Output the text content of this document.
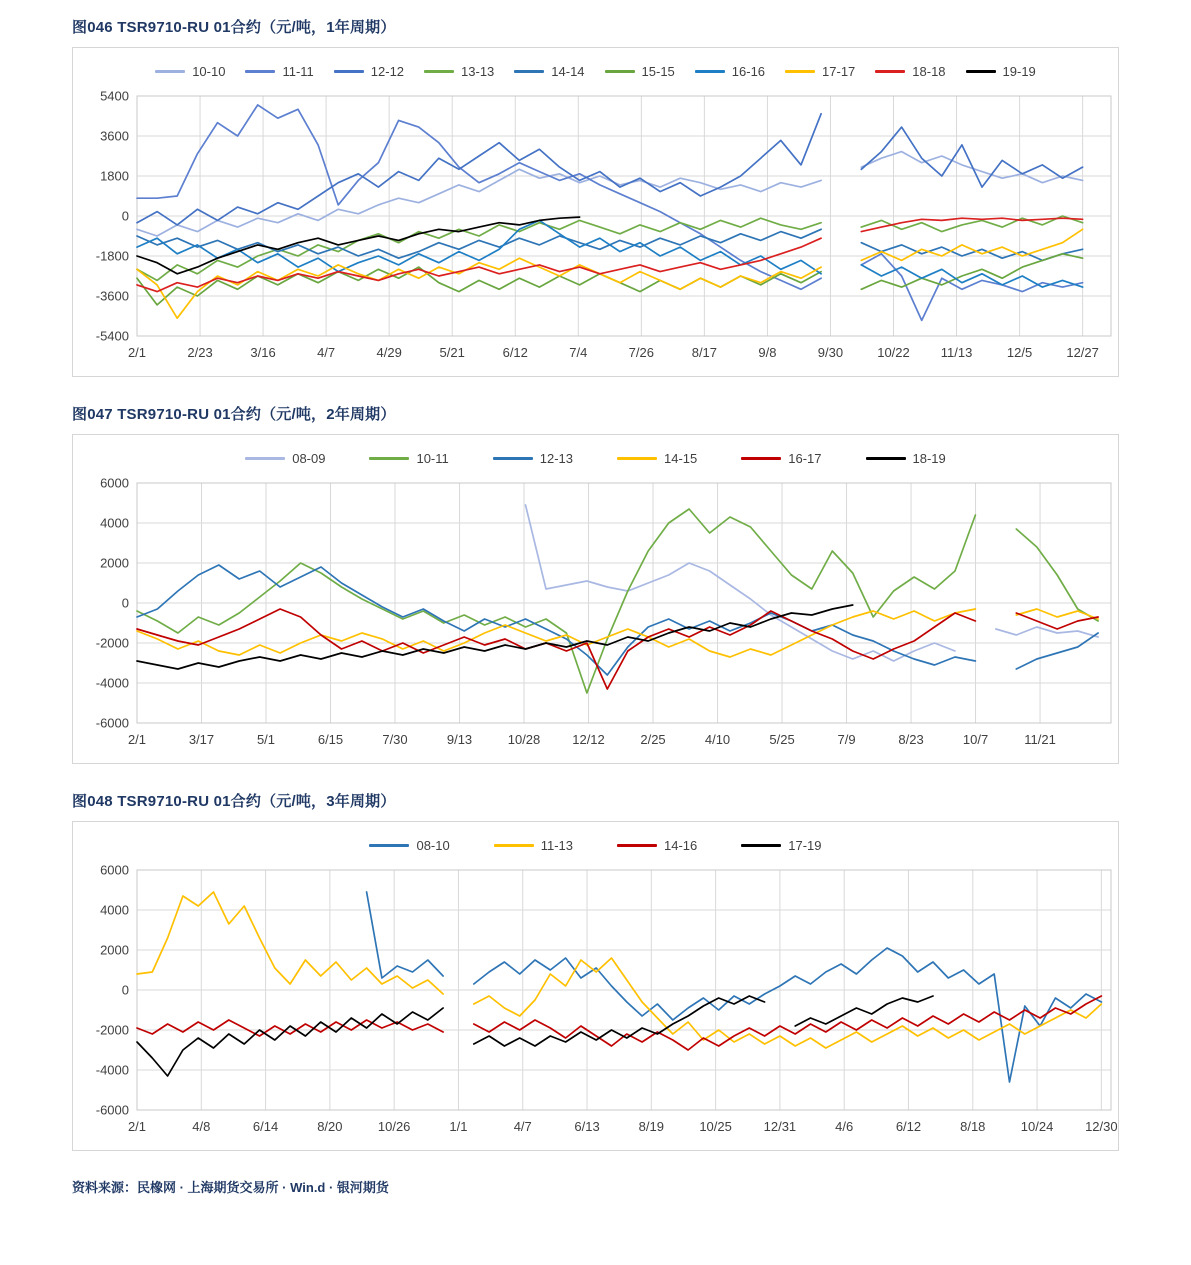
图046 TSR9710-RU 01合约（元/吨，1年周期）
10-10	11-11	12-12	13-13	14-14	15-15	16-16	17-17	18-18	19-19
5400
3600
1800
0
-1800
-3600
-5400
2/1	2/23	3/16	4/7	4/29	5/21	6/12	7/4	7/26	8/17	9/8	9/30	10/22 11/13	12/5	12/27
图047 TSR9710-RU 01合约（元/吨，2年周期）
08-09	10-11	12-13	14-15	16-17	18-19
6000
4000
2000
0
-2000
-4000
-6000
2/1	3/17	5/1	6/15	7/30	9/13	10/28 12/12	2/25	4/10	5/25	7/9	8/23	10/7	11/21
图048 TSR9710-RU 01合约（元/吨，3年周期）
08-10	11-13	14-16	17-19
6000
4000
2000
0
-2000
-4000
-6000
2/1	4/8	6/14	8/20	10/26	1/1	4/7	6/13	8/19	10/25 12/31	4/6	6/12	8/18	10/24 12/30
资料来源：民橡网 · 上海期货交易所 · Win.d · 银河期货
